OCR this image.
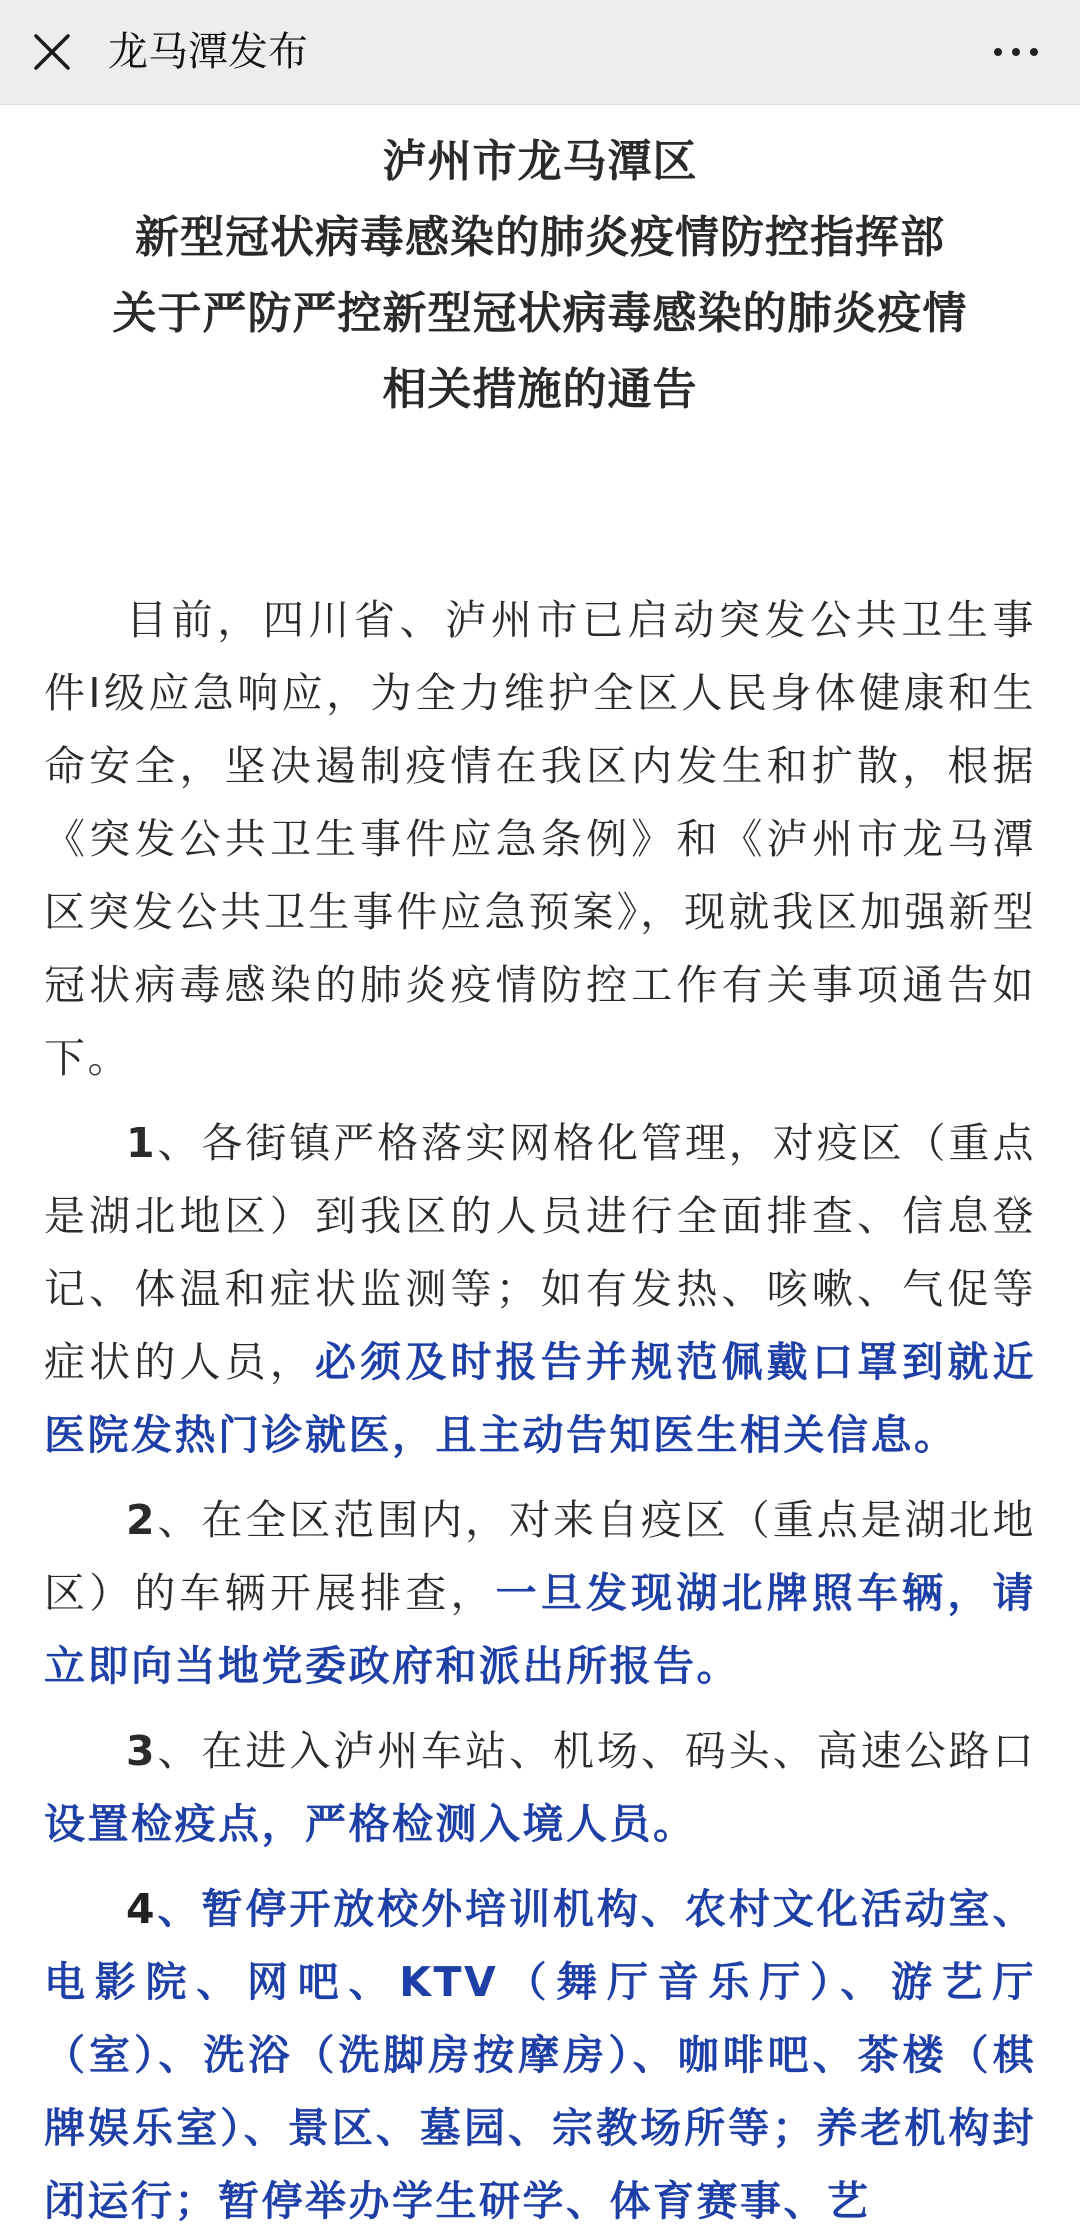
龙马潭发布
泸州市龙马潭区
新型冠状病毒感染的肺炎疫情防控指挥部
关于严防严控新型冠状病毒感染的肺炎疫情
相关措施的通告

目前，四川省、泸州市已启动突发公共卫生事件I级应急响应，为全力维护全区人民身体健康和生命安全，坚决遏制疫情在我区内发生和扩散，根据《突发公共卫生事件应急条例》和《泸州市龙马潭区突发公共卫生事件应急预案》，现就我区加强新型冠状病毒感染的肺炎疫情防控工作有关事项通告如下。

1、各街镇严格落实网格化管理，对疫区（重点是湖北地区）到我区的人员进行全面排查、信息登记、体温和症状监测等；如有发热、咳嗽、气促等症状的人员，必须及时报告并规范佩戴口罩到就近医院发热门诊就医，且主动告知医生相关信息。

2、在全区范围内，对来自疫区（重点是湖北地区）的车辆开展排查，一旦发现湖北牌照车辆，请立即向当地党委政府和派出所报告。

3、在进入泸州车站、机场、码头、高速公路口设置检疫点，严格检测入境人员。

4、暂停开放校外培训机构、农村文化活动室、电影院、网吧、KTV（舞厅音乐厅）、游艺厅（室）、洗浴（洗脚房按摩房）、咖啡吧、茶楼（棋牌娱乐室）、景区、墓园、宗教场所等；养老机构封闭运行；暂停举办学生研学、体育赛事、艺
